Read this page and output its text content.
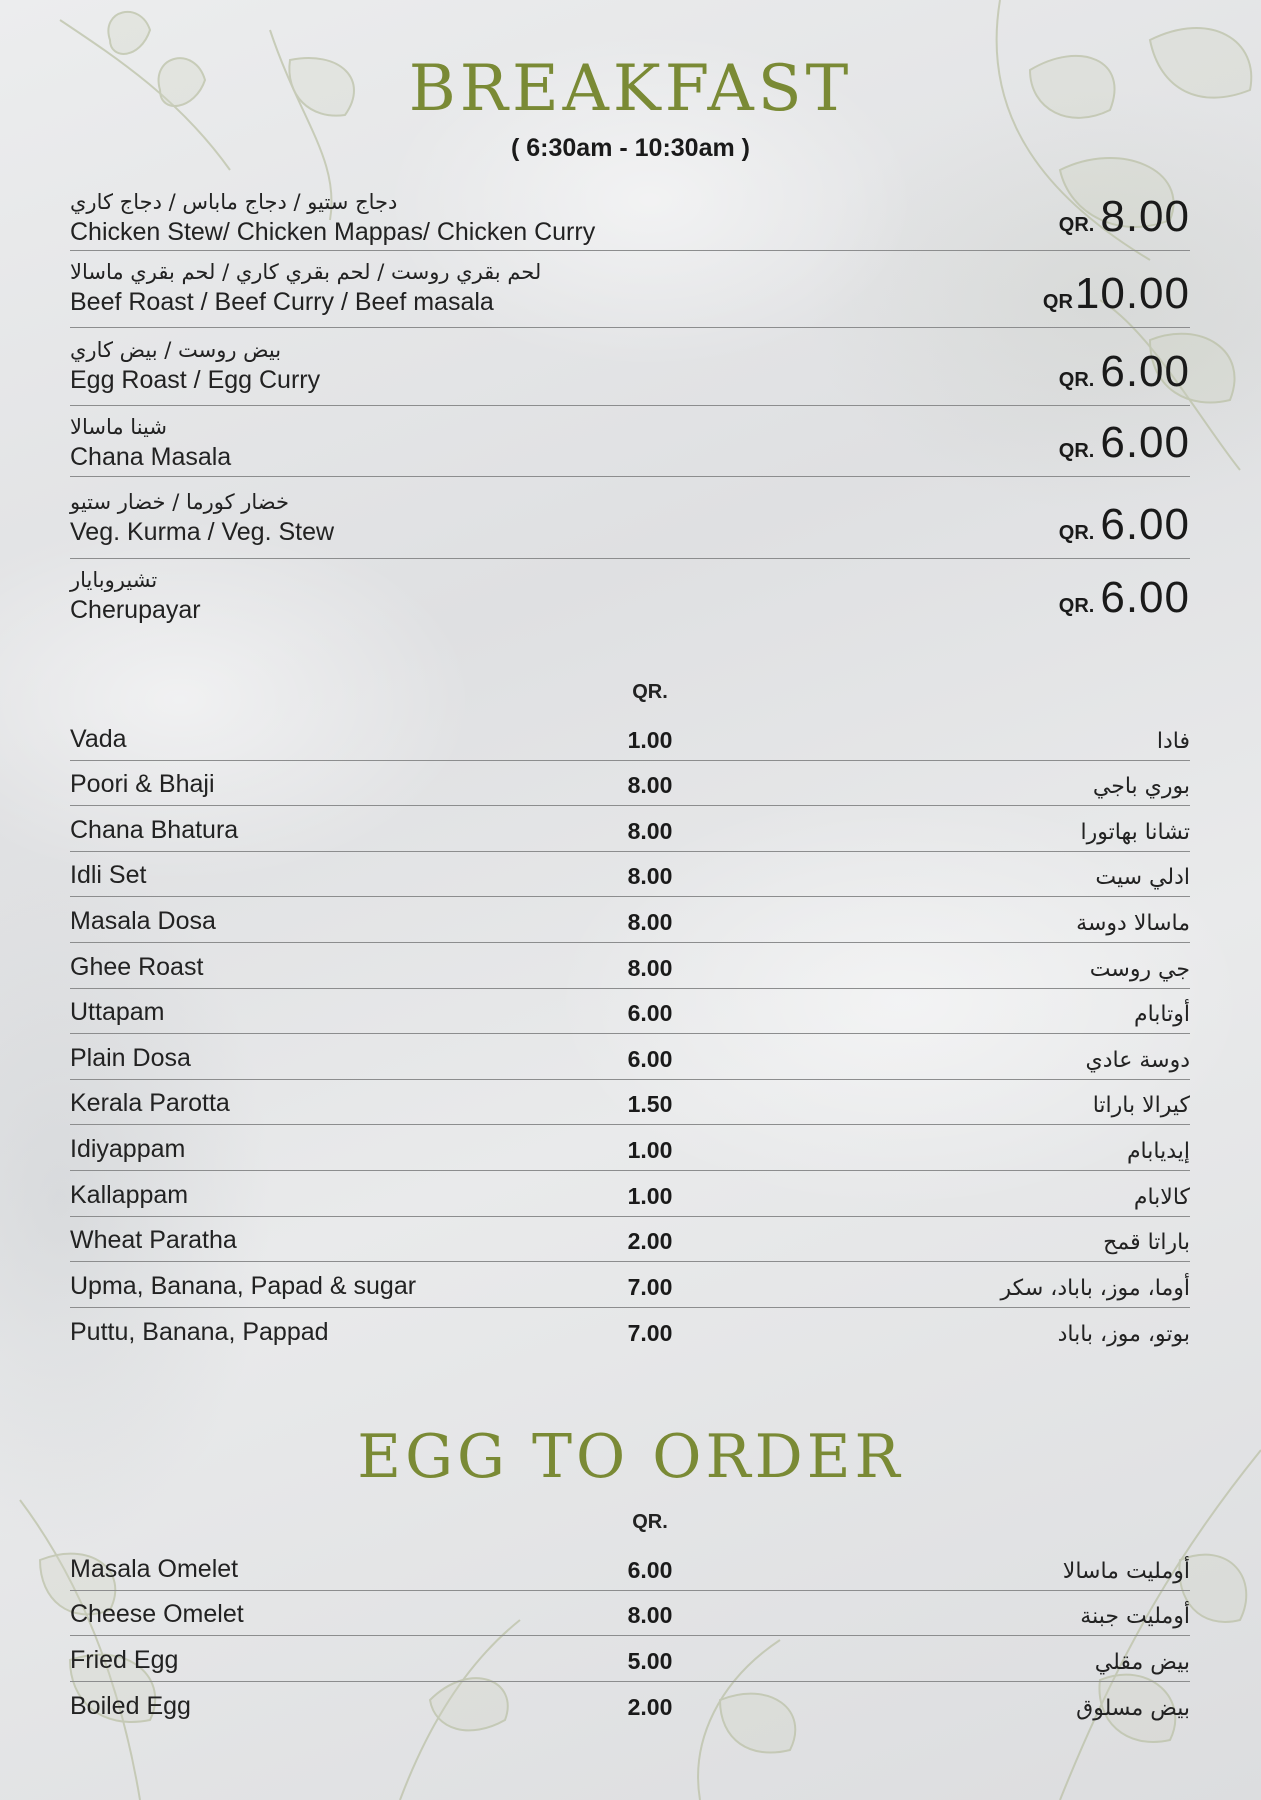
BREAKFAST
( 6:30am - 10:30am )
دجاج ستيو / دجاج ماباس / دجاج كاري
Chicken Stew/ Chicken Mappas/ Chicken Curry	QR. 8.00
لحم بقري روست / لحم بقري كاري / لحم بقري ماسالا
Beef Roast / Beef Curry / Beef masala	QR10.00
بيض روست / بيض كاري
Egg Roast / Egg Curry	QR. 6.00
شينا ماسالا
Chana Masala	QR. 6.00
خضار كورما / خضار ستيو
Veg. Kurma / Veg. Stew	QR. 6.00
تشيروبايار
Cherupayar	QR. 6.00
QR.
Vada	1.00	فادا
Poori & Bhaji	8.00	بوري باجي
Chana Bhatura	8.00	تشانا بهاتورا
Idli Set	8.00	ادلي سيت
Masala Dosa	8.00	ماسالا دوسة
Ghee Roast	8.00	جي روست
Uttapam	6.00	أوتابام
Plain Dosa	6.00	دوسة عادي
Kerala Parotta	1.50	كيرالا باراتا
Idiyappam	1.00	إيديابام
Kallappam	1.00	كالابام
Wheat Paratha	2.00	باراتا قمح
Upma, Banana, Papad & sugar	7.00	أوما، موز، باباد، سكر
Puttu, Banana, Pappad	7.00	بوتو، موز، باباد
EGG TO ORDER
QR.
Masala Omelet	6.00	أومليت ماسالا
Cheese Omelet	8.00	أومليت جبنة
Fried Egg	5.00	بيض مقلي
Boiled Egg	2.00	بيض مسلوق
